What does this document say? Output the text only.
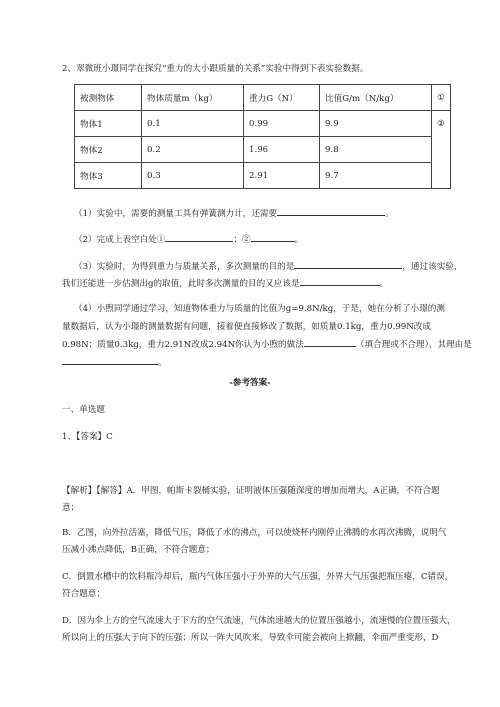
2、翠微班小璟同学在探究“重力的大小跟质量的关系”实验中得到下表实验数据。
被测物体	物体质量m（kg）	重力G（N）	比值G/m（N/kg）	①
物体1	0.1	0.99	9.9	②
物体2	0.2	1.96	9.8	
物体3	0.3	2.91	9.7	
（1）实验中，需要的测量工具有弹簧测力计，还需要	。
（2）完成上表空白处①	；②	。
（3）实验时，为得到重力与质量关系，多次测量的目的是	，通过该实验，
我们还能进一步估测出g的取值，此时多次测量的目的又应该是	。
（4）小煦同学通过学习，知道物体重力与质量的比值为g=9.8N/kg，于是，她在分析了小璟的测
量数据后，认为小璟的测量数据有问题，接着便直接修改了数据，如质量0.1kg，重力0.99N改成
0.98N；质量0.3kg，重力2.91N改成2.94N你认为小煦的做法	（填合理或不合理），其理由是
。
-参考答案-
一、单选题
1、【答案】C
【解析】【解答】A．甲图，帕斯卡裂桶实验，证明液体压强随深度的增加而增大，A正确，不符合题
意；
B．乙图，向外拉活塞，降低气压，降低了水的沸点，可以使烧杯内刚停止沸腾的水再次沸腾，说明气
压减小沸点降低，B正确，不符合题意；
C．倒置水槽中的饮料瓶冷却后，瓶内气体压强小于外界的大气压强，外界大气压强把瓶压瘪，C错误，
符合题意；
D．因为伞上方的空气流速大于下方的空气流速，气体流速越大的位置压强越小，流速慢的位置压强大，
所以向上的压强大于向下的压强；所以一阵大风吹来，导致伞可能会被向上掀翻，伞面严重变形，D
